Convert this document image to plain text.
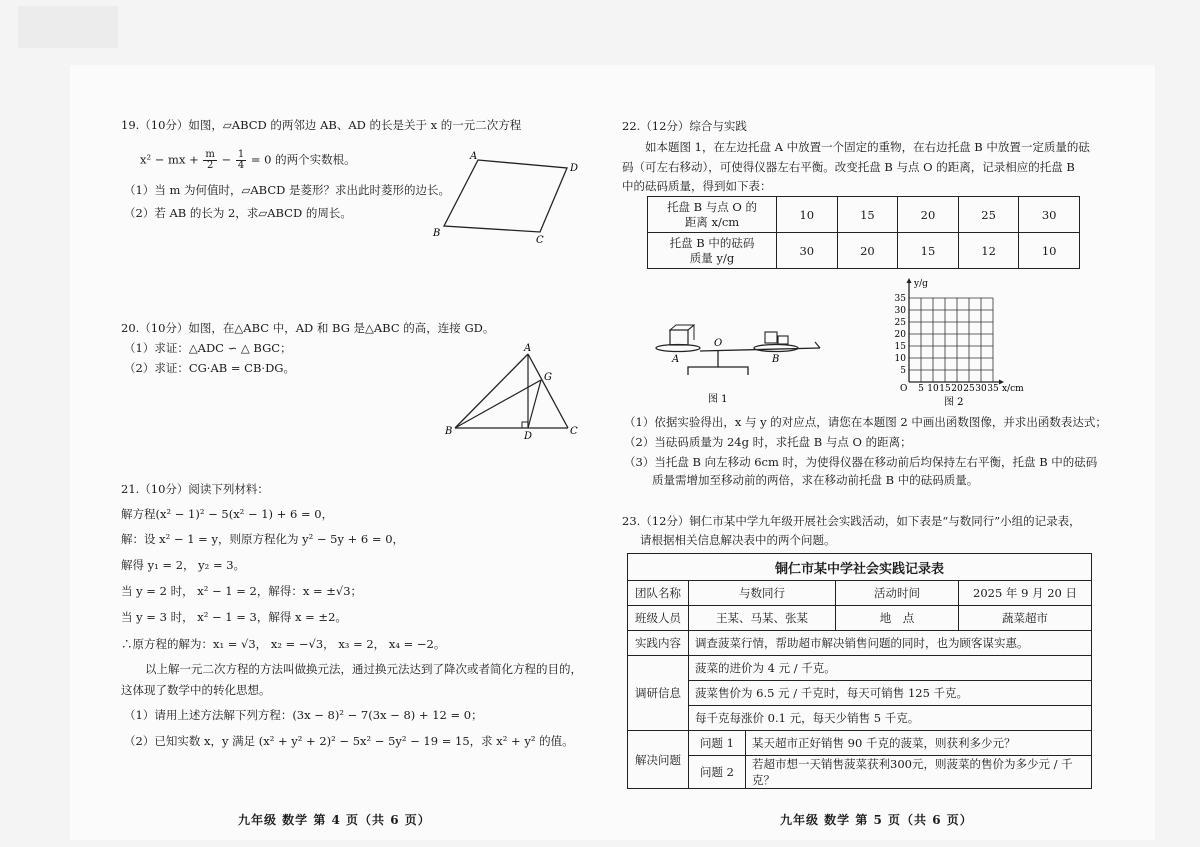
19.（10分）如图，▱ABCD 的两邻边 AB、AD 的长是关于 x 的一元二次方程
x² − mx + $\frac{m}{2} - \frac{1}{4} = 0$ 的两个实数根。
（1）当 m 为何值时，▱ABCD 是菱形？求出此时菱形的边长。
（2）若 AB 的长为 2，求▱ABCD 的周长。
A
D
C
B
20.（10分）如图，在△ABC 中，AD 和 BG 是△ABC 的高，连接 GD。
（1）求证：△ADC ∽ △ BGC；
（2）求证：CG·AB = CB·DG。
A
G
B	D	C
21.（10分）阅读下列材料：
解方程(x² − 1)² − 5(x² − 1) + 6 = 0，
解：设 x² − 1 = y，则原方程化为 y² − 5y + 6 = 0，
解得 y₁ = 2， y₂ = 3。
当 y = 2 时， x² − 1 = 2，解得：x = ±√3；
当 y = 3 时， x² − 1 = 3，解得 x = ±2。
∴原方程的解为：x₁ = √3， x₂ = −√3， x₃ = 2， x₄ = −2。
以上解一元二次方程的方法叫做换元法，通过换元法达到了降次或者简化方程的目的，
这体现了数学中的转化思想。
（1）请用上述方法解下列方程：(3x − 8)² − 7(3x − 8) + 12 = 0；
（2）已知实数 x，y 满足 (x² + y² + 2)² − 5x² − 5y² − 19 = 15，求 x² + y² 的值。
九年级 数学 第 4 页（共 6 页）
22.（12分）综合与实践
如本题图 1，在左边托盘 A 中放置一个固定的重物，在右边托盘 B 中放置一定质量的砝
码（可左右移动），可使得仪器左右平衡。改变托盘 B 与点 O 的距离，记录相应的托盘 B
中的砝码质量，得到如下表：
托盘 B 与点 O 的
距离 x/cm	10	15	20	25	30
托盘 B 中的砝码
质量 y/g	30	20	15	12	10
A
O
B
图 1
y/g
O	x/cm
35
30
25
20
15
10
5
5 10 15 20 25 30 35
图 2
（1）依据实验得出，x 与 y 的对应点，请您在本题图 2 中画出函数图像，并求出函数表达式；
（2）当砝码质量为 24g 时，求托盘 B 与点 O 的距离；
（3）当托盘 B 向左移动 6cm 时，为使得仪器在移动前后均保持左右平衡，托盘 B 中的砝码
质量需增加至移动前的两倍，求在移动前托盘 B 中的砝码质量。
23.（12分）铜仁市某中学九年级开展社会实践活动，如下表是“与数同行”小组的记录表，
请根据相关信息解决表中的两个问题。
铜仁市某中学社会实践记录表				
团队名称	与数同行		活动时间	2025 年 9 月 20 日
班级人员	王某、马某、张某		地　点	蔬菜超市
实践内容	调查菠菜行情，帮助超市解决销售问题的同时，也为顾客谋实惠。			
调研信息	菠菜的进价为 4 元 / 千克。			
	菠菜售价为 6.5 元 / 千克时，每天可销售 125 千克。			
	每千克每涨价 0.1 元，每天少销售 5 千克。			
解决问题	问题 1	某天超市正好销售 90 千克的菠菜，则获利多少元？		
	问题 2	若超市想一天销售菠菜获利300元，则菠菜的售价为多少元 / 千克？		
九年级 数学 第 5 页（共 6 页）
